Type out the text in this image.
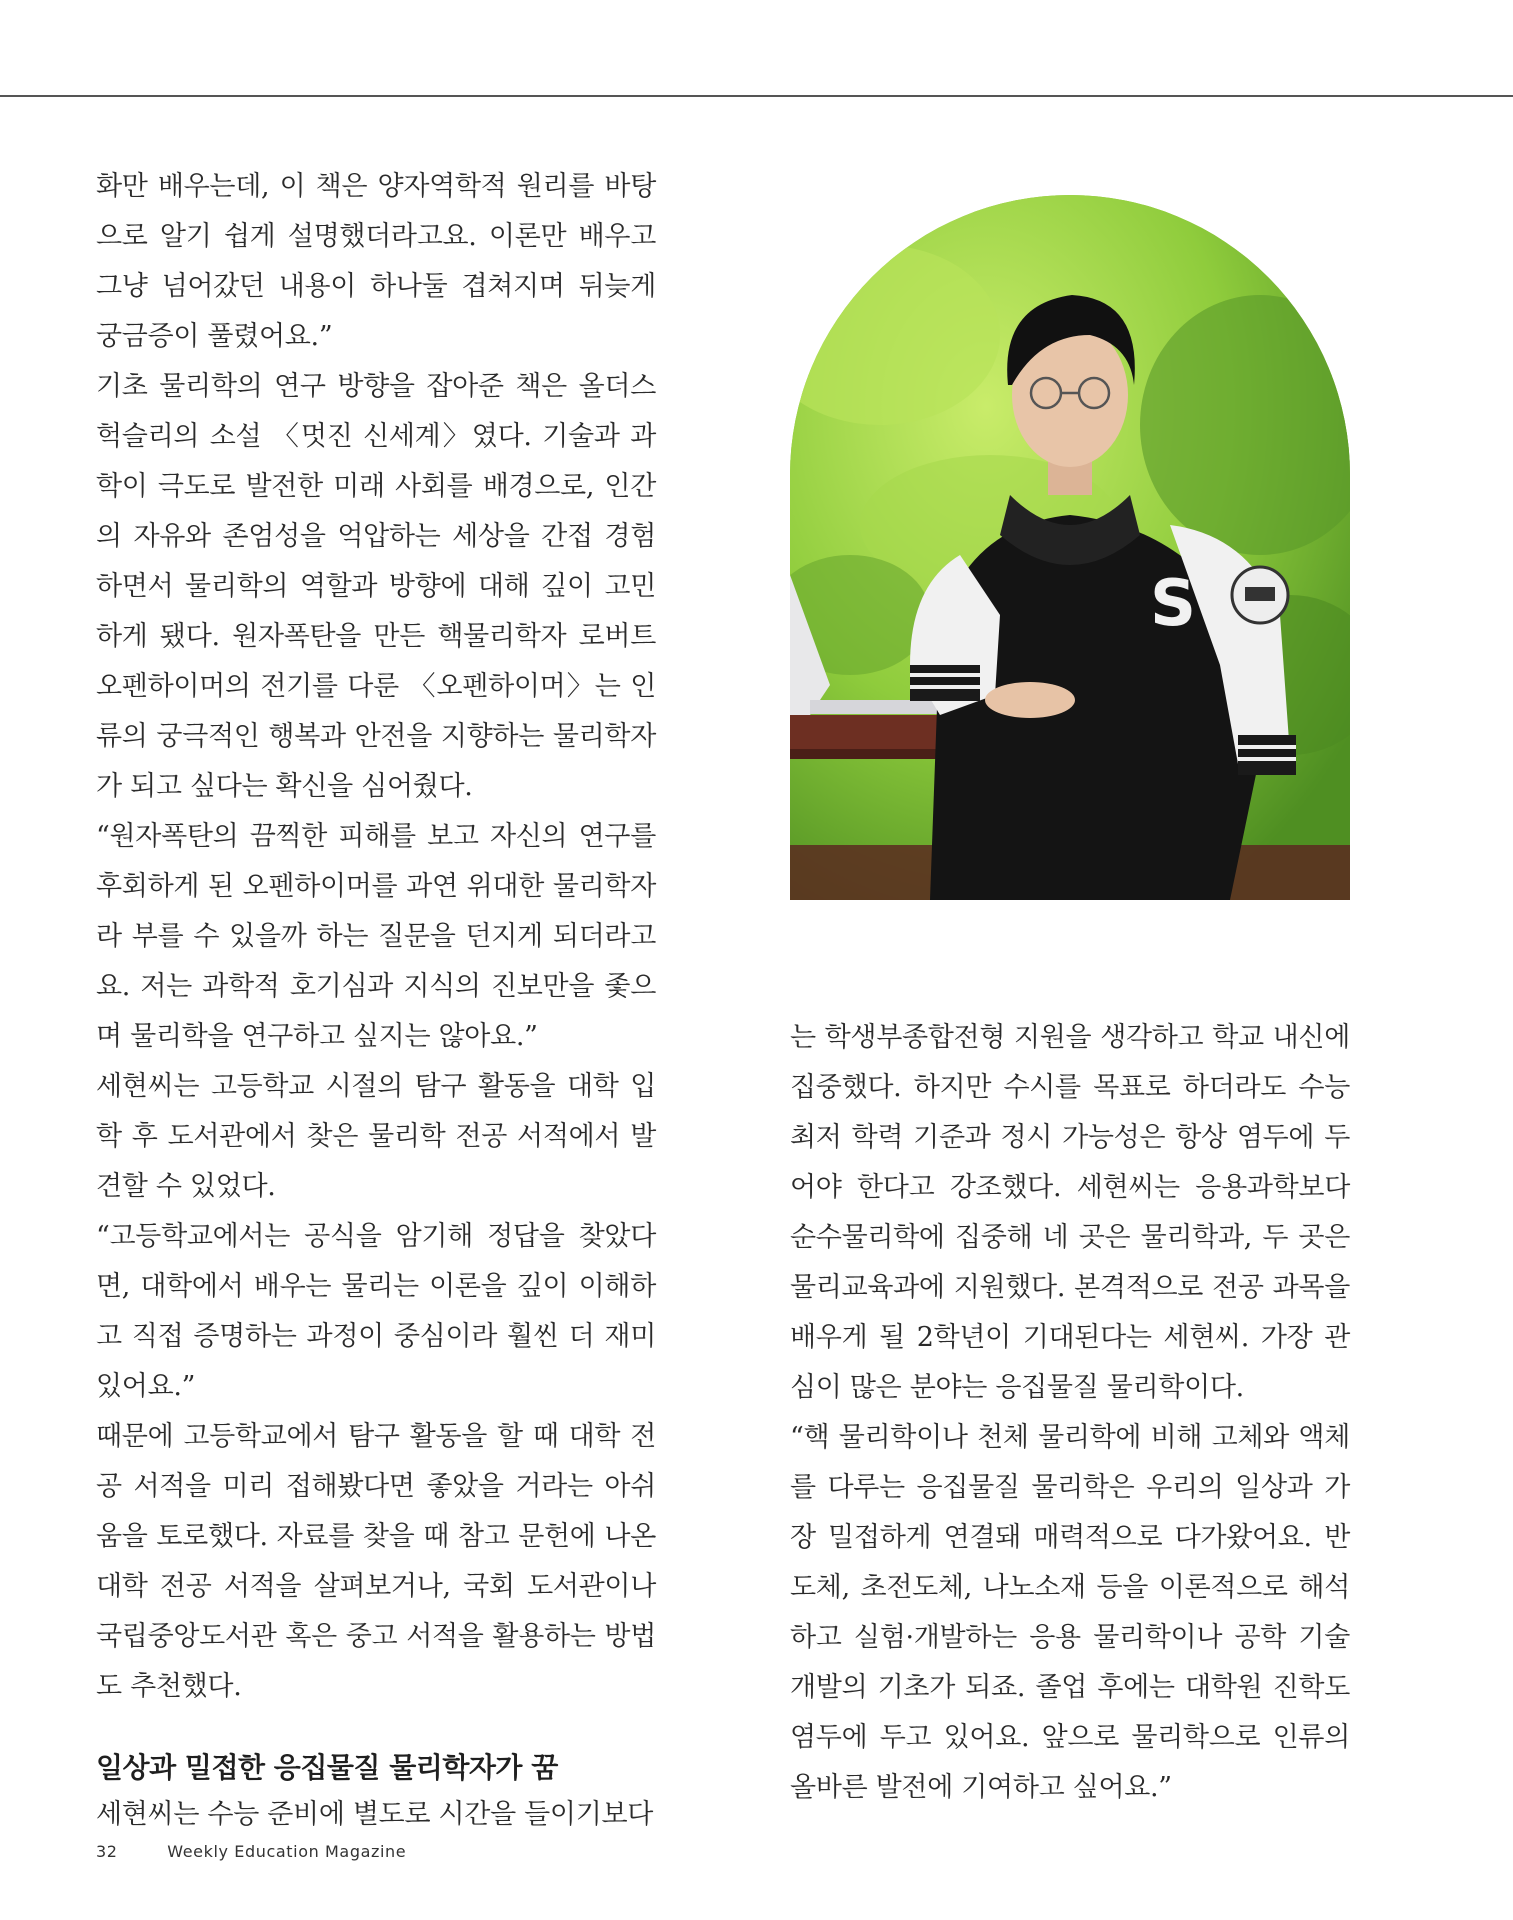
화만 배우는데, 이 책은 양자역학적 원리를 바탕으로 알기 쉽게 설명했더라고요. 이론만 배우고 그냥 넘어갔던 내용이 하나둘 겹쳐지며 뒤늦게 궁금증이 풀렸어요.”

기초 물리학의 연구 방향을 잡아준 책은 올더스 헉슬리의 소설 〈멋진 신세계〉였다. 기술과 과학이 극도로 발전한 미래 사회를 배경으로, 인간의 자유와 존엄성을 억압하는 세상을 간접 경험하면서 물리학의 역할과 방향에 대해 깊이 고민하게 됐다. 원자폭탄을 만든 핵물리학자 로버트 오펜하이머의 전기를 다룬 〈오펜하이머〉는 인류의 궁극적인 행복과 안전을 지향하는 물리학자가 되고 싶다는 확신을 심어줬다.

“원자폭탄의 끔찍한 피해를 보고 자신의 연구를 후회하게 된 오펜하이머를 과연 위대한 물리학자라 부를 수 있을까 하는 질문을 던지게 되더라고요. 저는 과학적 호기심과 지식의 진보만을 좇으며 물리학을 연구하고 싶지는 않아요.”

세현씨는 고등학교 시절의 탐구 활동을 대학 입학 후 도서관에서 찾은 물리학 전공 서적에서 발견할 수 있었다.

“고등학교에서는 공식을 암기해 정답을 찾았다면, 대학에서 배우는 물리는 이론을 깊이 이해하고 직접 증명하는 과정이 중심이라 훨씬 더 재미있어요.”

때문에 고등학교에서 탐구 활동을 할 때 대학 전공 서적을 미리 접해봤다면 좋았을 거라는 아쉬움을 토로했다. 자료를 찾을 때 참고 문헌에 나온 대학 전공 서적을 살펴보거나, 국회 도서관이나 국립중앙도서관 혹은 중고 서적을 활용하는 방법도 추천했다.

일상과 밀접한 응집물질 물리학자가 꿈

세현씨는 수능 준비에 별도로 시간을 들이기보다

S

는 학생부종합전형 지원을 생각하고 학교 내신에 집중했다. 하지만 수시를 목표로 하더라도 수능 최저 학력 기준과 정시 가능성은 항상 염두에 두어야 한다고 강조했다. 세현씨는 응용과학보다 순수물리학에 집중해 네 곳은 물리학과, 두 곳은 물리교육과에 지원했다. 본격적으로 전공 과목을 배우게 될 2학년이 기대된다는 세현씨. 가장 관심이 많은 분야는 응집물질 물리학이다.

“핵 물리학이나 천체 물리학에 비해 고체와 액체를 다루는 응집물질 물리학은 우리의 일상과 가장 밀접하게 연결돼 매력적으로 다가왔어요. 반도체, 초전도체, 나노소재 등을 이론적으로 해석하고 실험·개발하는 응용 물리학이나 공학 기술 개발의 기초가 되죠. 졸업 후에는 대학원 진학도 염두에 두고 있어요. 앞으로 물리학으로 인류의 올바른 발전에 기여하고 싶어요.”

32	Weekly Education Magazine
